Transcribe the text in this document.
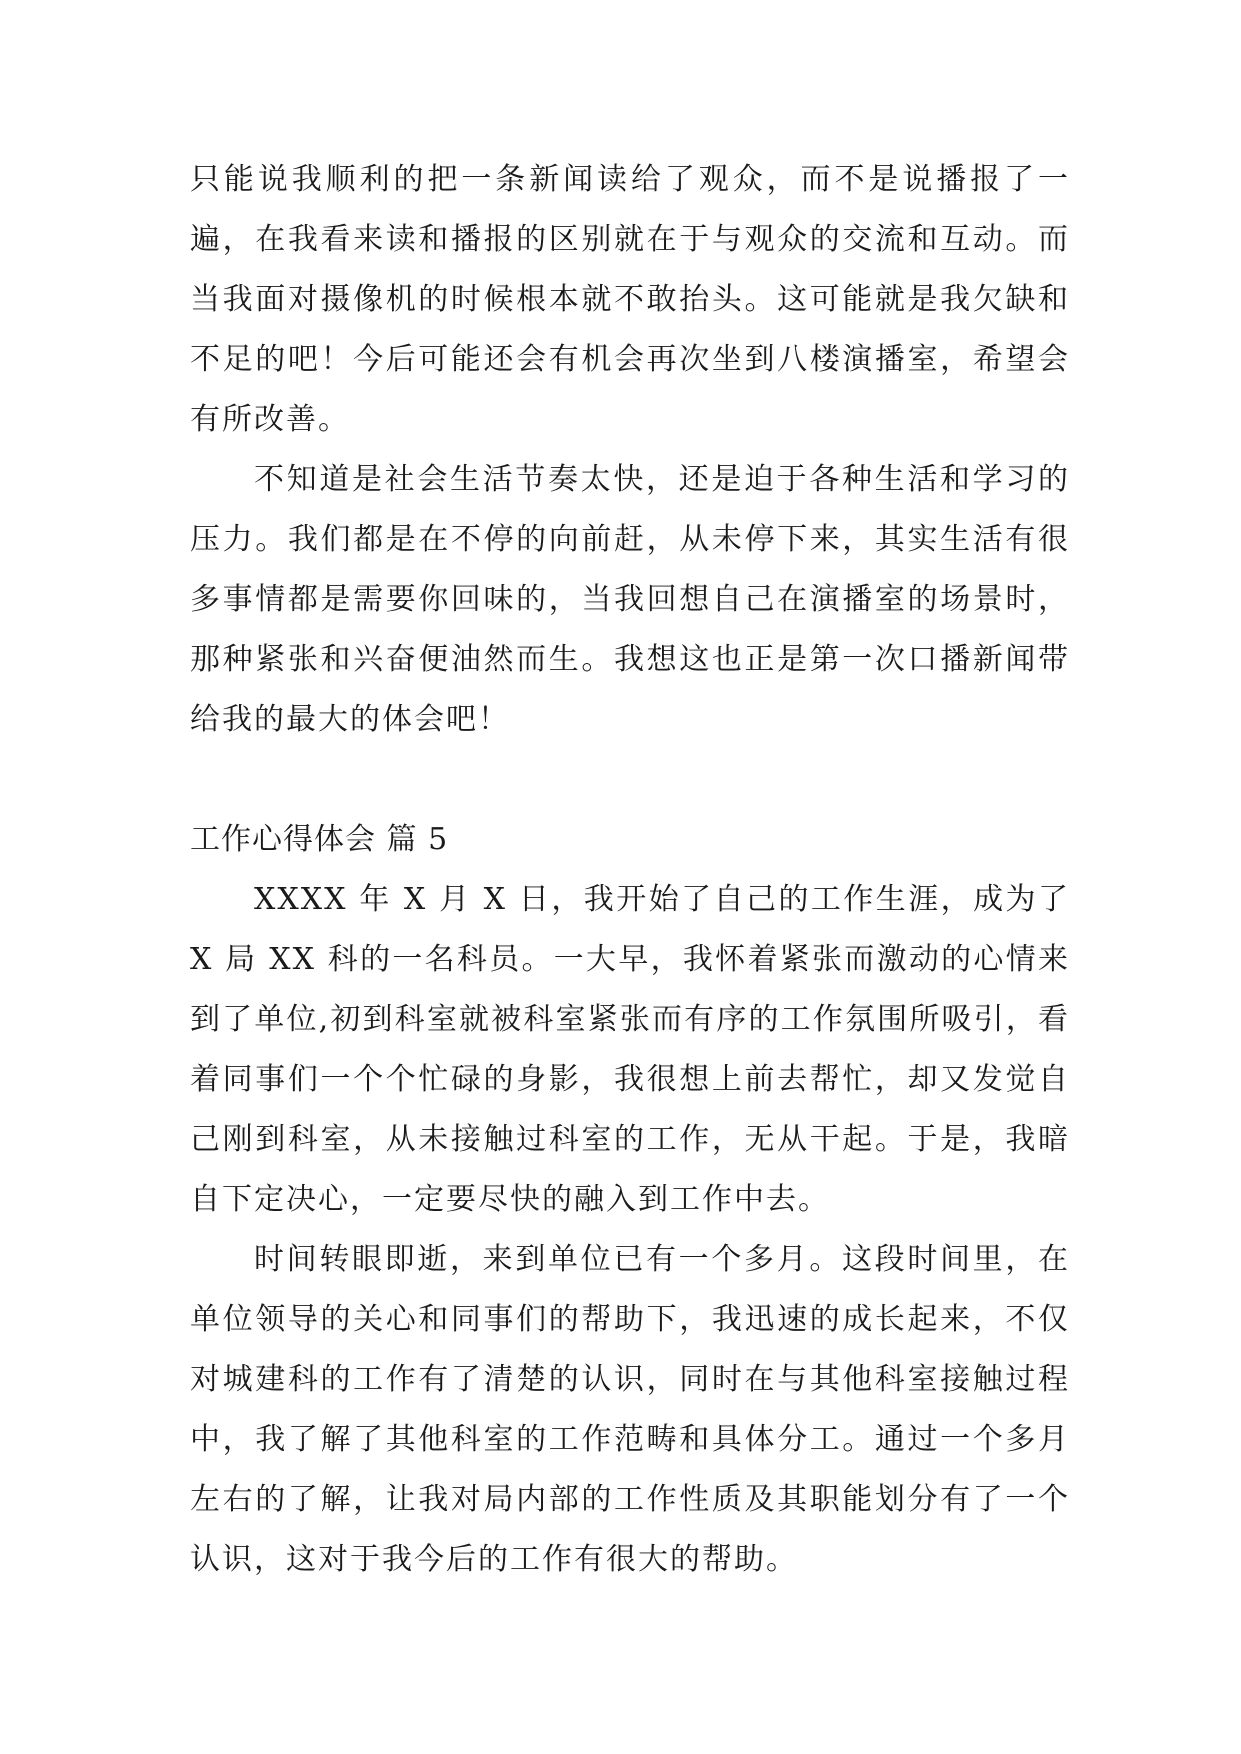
只能说我顺利的把一条新闻读给了观众，而不是说播报了一遍，在我看来读和播报的区别就在于与观众的交流和互动。而当我面对摄像机的时候根本就不敢抬头。这可能就是我欠缺和不足的吧！今后可能还会有机会再次坐到八楼演播室，希望会有所改善。

不知道是社会生活节奏太快，还是迫于各种生活和学习的压力。我们都是在不停的向前赶，从未停下来，其实生活有很多事情都是需要你回味的，当我回想自己在演播室的场景时，那种紧张和兴奋便油然而生。我想这也正是第一次口播新闻带给我的最大的体会吧！

工作心得体会 篇 5

XXXX 年 X 月 X 日，我开始了自己的工作生涯，成为了 X 局 XX 科的一名科员。一大早，我怀着紧张而激动的心情来到了单位,初到科室就被科室紧张而有序的工作氛围所吸引，看着同事们一个个忙碌的身影，我很想上前去帮忙，却又发觉自己刚到科室，从未接触过科室的工作，无从干起。于是，我暗自下定决心，一定要尽快的融入到工作中去。

时间转眼即逝，来到单位已有一个多月。这段时间里，在单位领导的关心和同事们的帮助下，我迅速的成长起来，不仅对城建科的工作有了清楚的认识，同时在与其他科室接触过程中，我了解了其他科室的工作范畴和具体分工。通过一个多月左右的了解，让我对局内部的工作性质及其职能划分有了一个认识，这对于我今后的工作有很大的帮助。
